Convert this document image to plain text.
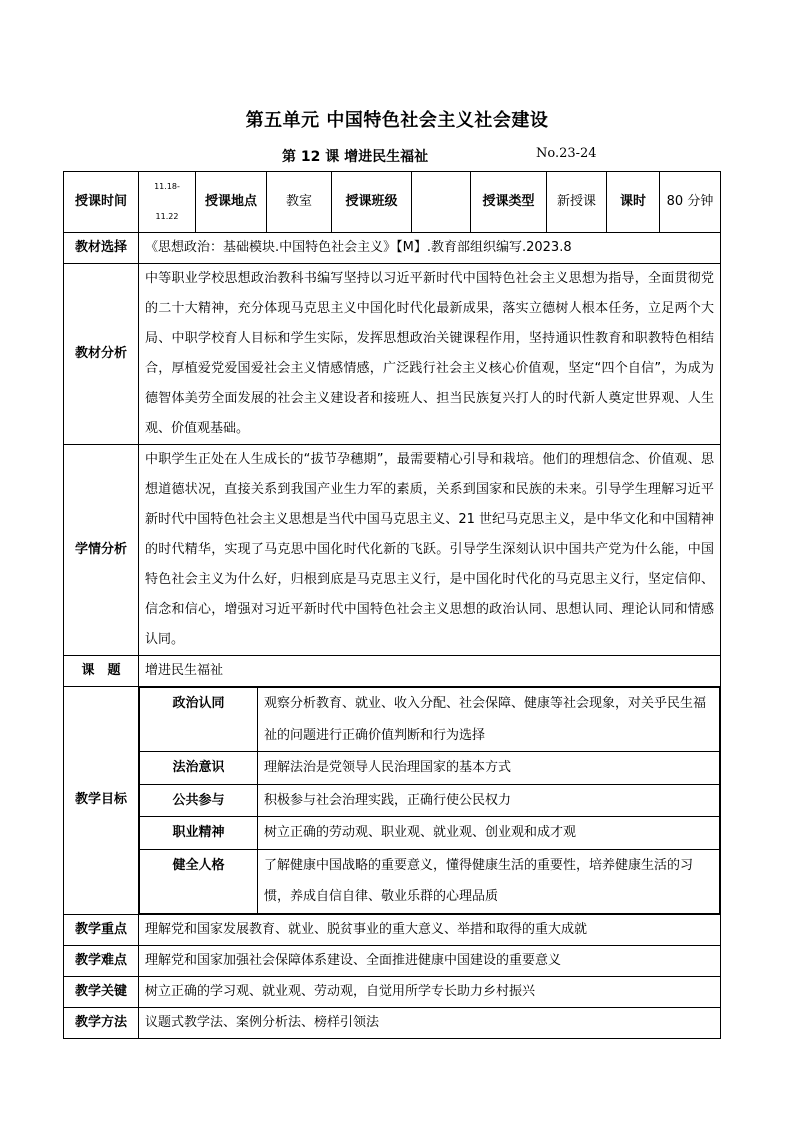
第五单元 中国特色社会主义社会建设
第 12 课 增进民生福祉	No.23-24
授课时间	11.18-11.22	授课地点	教室	授课班级		授课类型	新授课	课时	80 分钟
教材选择	《思想政治：基础模块.中国特色社会主义》【M】.教育部组织编写.2023.8
教材分析	中等职业学校思想政治教科书编写坚持以习近平新时代中国特色社会主义思想为指导，全面贯彻党的二十大精神，充分体现马克思主义中国化时代化最新成果，落实立德树人根本任务，立足两个大局、中职学校育人目标和学生实际，发挥思想政治关键课程作用，坚持通识性教育和职教特色相结合，厚植爱党爱国爱社会主义情感情感，广泛践行社会主义核心价值观，坚定“四个自信”，为成为德智体美劳全面发展的社会主义建设者和接班人、担当民族复兴打人的时代新人奠定世界观、人生观、价值观基础。
学情分析	中职学生正处在人生成长的“拔节孕穗期”，最需要精心引导和栽培。他们的理想信念、价值观、思想道德状况，直接关系到我国产业生力军的素质，关系到国家和民族的未来。引导学生理解习近平新时代中国特色社会主义思想是当代中国马克思主义、21 世纪马克思主义，是中华文化和中国精神的时代精华，实现了马克思中国化时代化新的飞跃。引导学生深刻认识中国共产党为什么能，中国特色社会主义为什么好，归根到底是马克思主义行，是中国化时代化的马克思主义行，坚定信仰、信念和信心，增强对习近平新时代中国特色社会主义思想的政治认同、思想认同、理论认同和情感认同。
课　题	增进民生福祉
教学目标	
政治认同	观察分析教育、就业、收入分配、社会保障、健康等社会现象，对关乎民生福祉的问题进行正确价值判断和行为选择
法治意识	理解法治是党领导人民治理国家的基本方式
公共参与	积极参与社会治理实践，正确行使公民权力
职业精神	树立正确的劳动观、职业观、就业观、创业观和成才观
健全人格	了解健康中国战略的重要意义，懂得健康生活的重要性，培养健康生活的习惯，养成自信自律、敬业乐群的心理品质

教学重点	理解党和国家发展教育、就业、脱贫事业的重大意义、举措和取得的重大成就
教学难点	理解党和国家加强社会保障体系建设、全面推进健康中国建设的重要意义
教学关键	树立正确的学习观、就业观、劳动观，自觉用所学专长助力乡村振兴
教学方法	议题式教学法、案例分析法、榜样引领法
